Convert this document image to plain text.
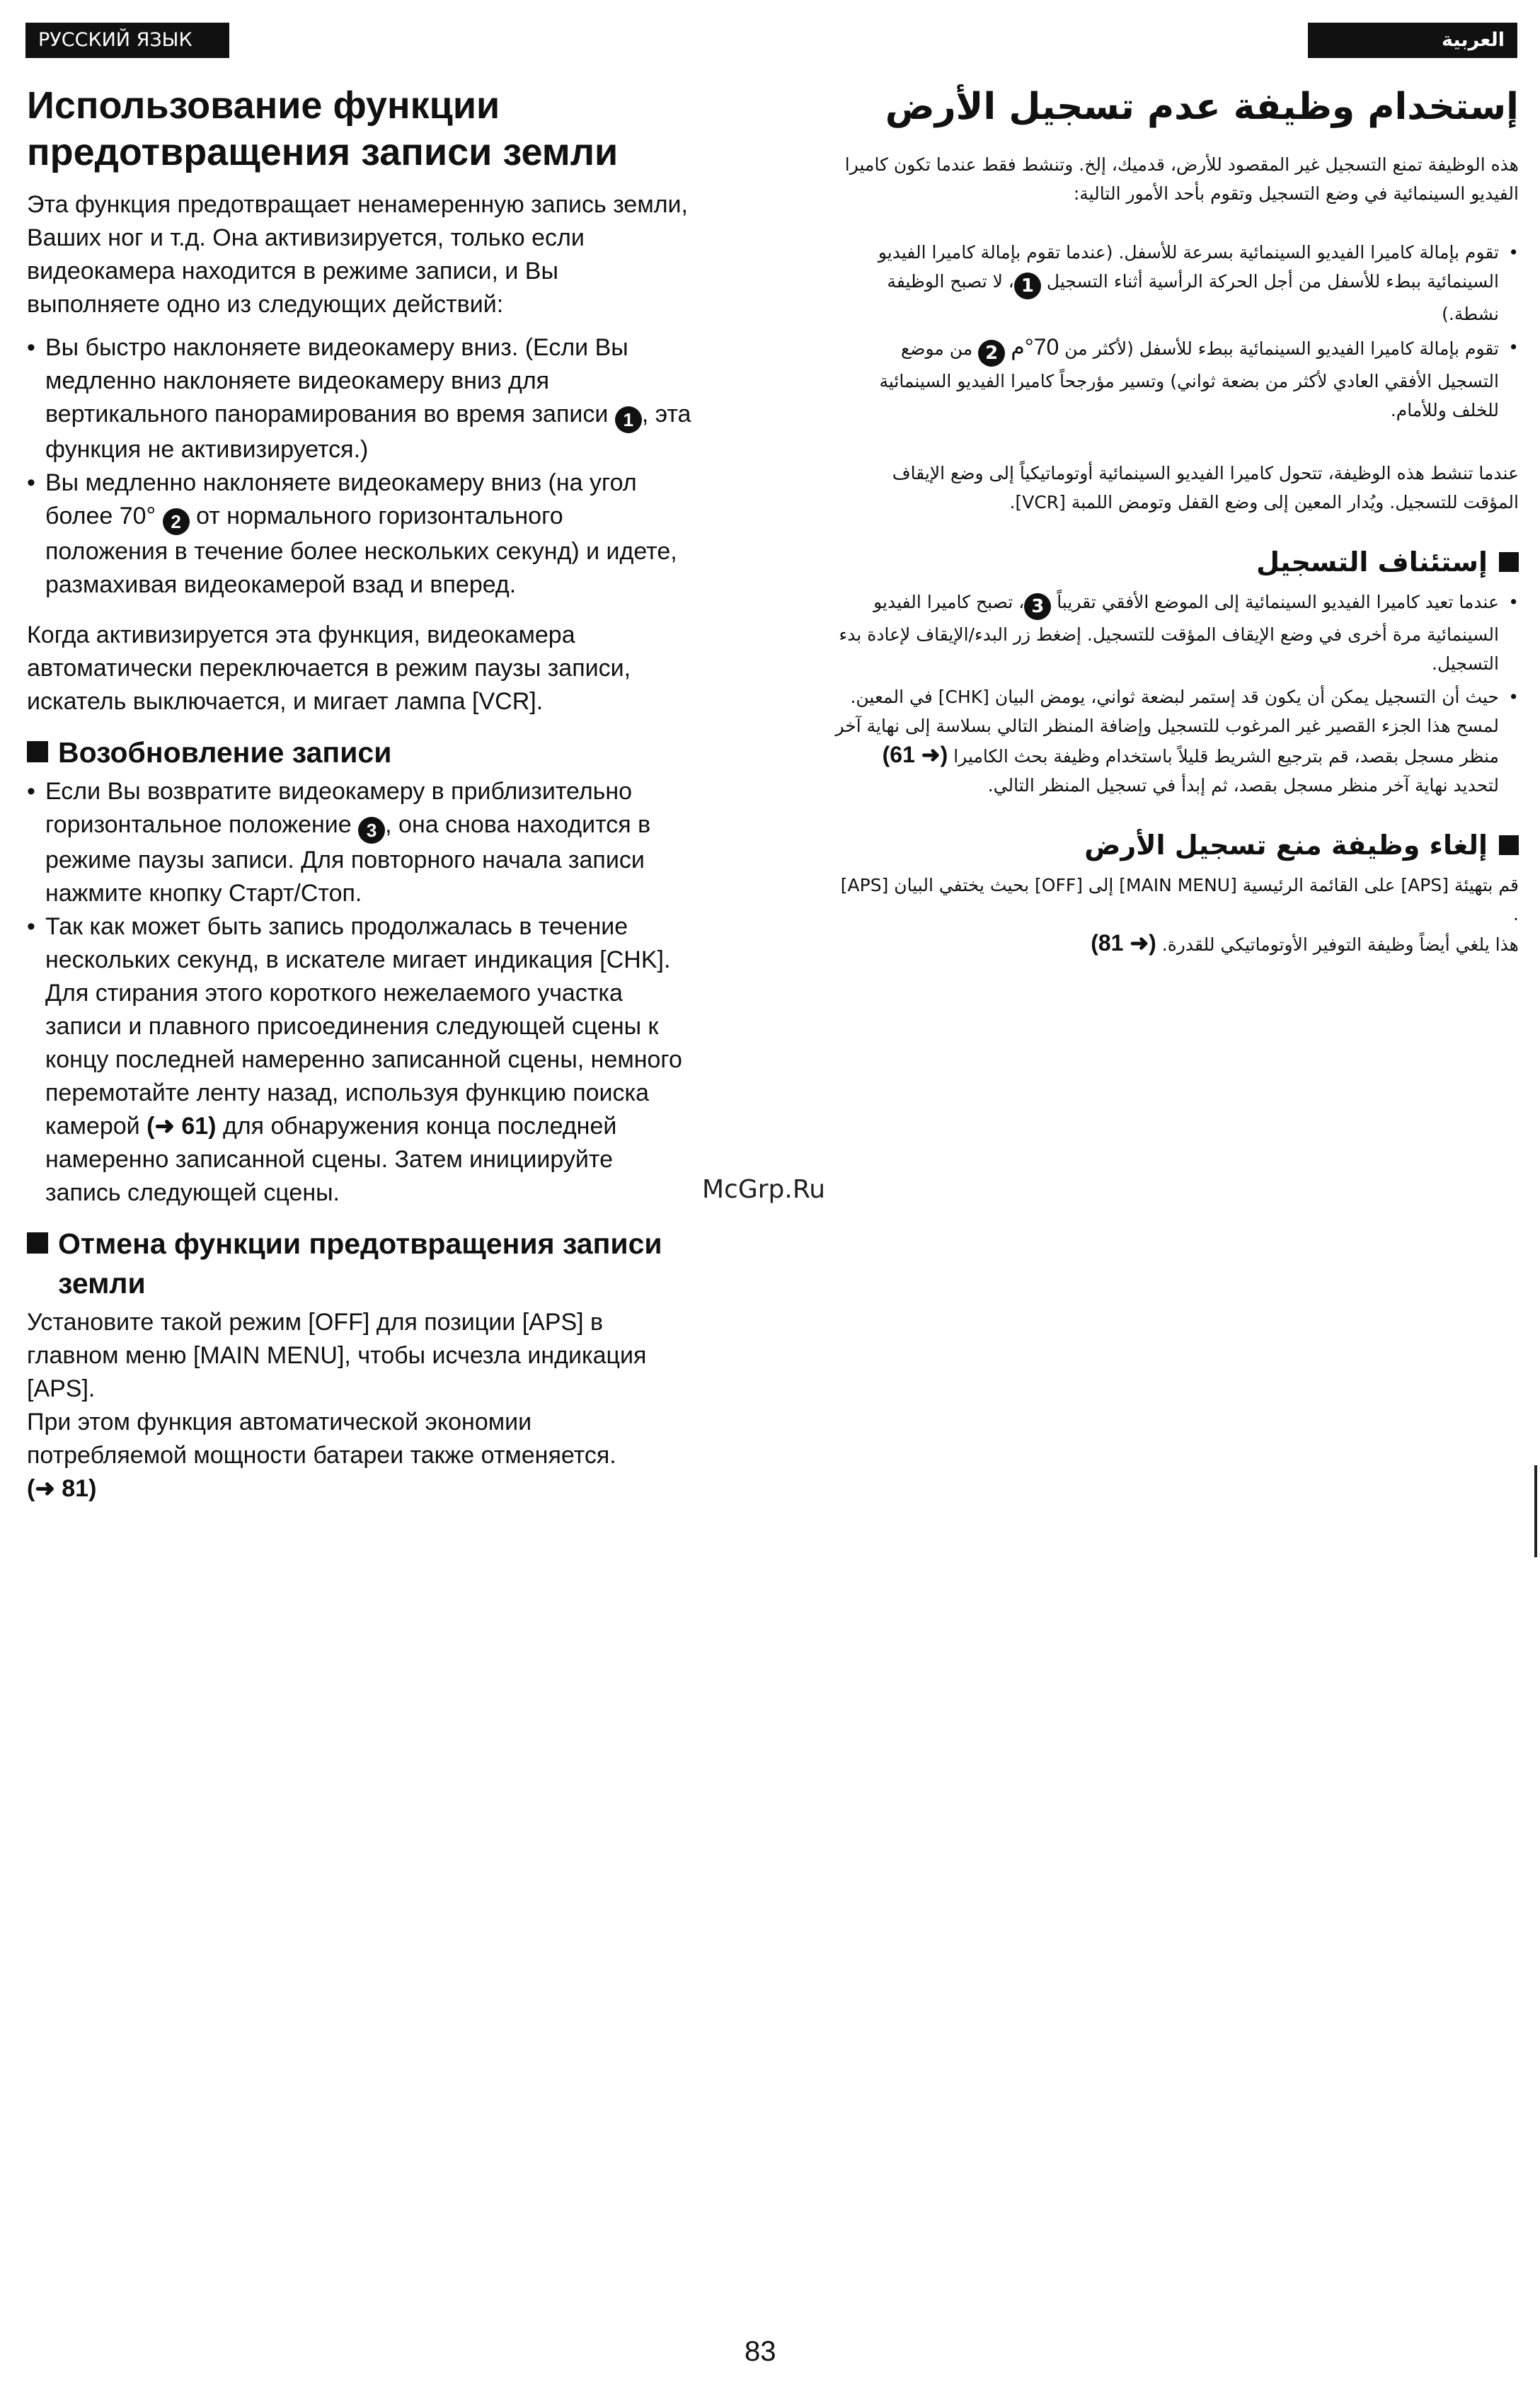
РУССКИЙ ЯЗЫК	العربية
Использование функции предотвращения записи земли

Эта функция предотвращает ненамеренную запись земли, Ваших ног и т.д. Она активизируется, только если видеокамера находится в режиме записи, и Вы выполняете одно из следующих действий:

• Вы быстро наклоняете видеокамеру вниз. (Если Вы медленно наклоняете видеокамеру вниз для вертикального панорамирования во время записи 1 , эта функция не активизируется.)
• Вы медленно наклоняете видеокамеру вниз (на угол более 70° 2 от нормального горизонтального положения в течение более нескольких секунд) и идете, размахивая видеокамерой взад и вперед.

Когда активизируется эта функция, видеокамера автоматически переключается в режим паузы записи, искатель выключается, и мигает лампа [VCR].

Возобновление записи
• Если Вы возвратите видеокамеру в приблизительно горизонтальное положение 3 , она снова находится в режиме паузы записи. Для повторного начала записи нажмите кнопку Старт/Стоп.
• Так как может быть запись продолжалась в течение нескольких секунд, в искателе мигает индикация [CHK].

Для стирания этого короткого нежелаемого участка записи и плавного присоединения следующей сцены к концу последней намеренно записанной сцены, немного перемотайте ленту назад, используя функцию поиска камерой (➜ 61) для обнаружения конца последней намеренно записанной сцены. Затем инициируйте запись следующей сцены.

Отмена функции предотвращения записи земли

Установите такой режим [OFF] для позиции [APS] в главном меню [MAIN MENU], чтобы исчезла индикация [APS].

При этом функция автоматической экономии потребляемой мощности батареи также отменяется.
(➜ 81)

إستخدام وظيفة عدم تسجيل الأرض

هذه الوظيفة تمنع التسجيل غير المقصود للأرض، قدميك، إلخ. وتنشط فقط عندما تكون كاميرا الفيديو السينمائية في وضع التسجيل وتقوم بأحد الأمور التالية:

•
تقوم بإمالة كاميرا الفيديو السينمائية بسرعة للأسفل. (عندما تقوم بإمالة كاميرا الفيديو السينمائية ببطء للأسفل من أجل الحركة الرأسية أثناء التسجيل 1، لا تصبح الوظيفة نشطة.)
•
تقوم بإمالة كاميرا الفيديو السينمائية ببطء للأسفل (لأكثر من 70°م 2 من موضع التسجيل الأفقي العادي لأكثر من بضعة ثواني) وتسير مؤرجحاً كاميرا الفيديو السينمائية للخلف وللأمام.

عندما تنشط هذه الوظيفة، تتحول كاميرا الفيديو السينمائية أوتوماتيكياً إلى وضع الإيقاف المؤقت للتسجيل. ويُدار المعين إلى وضع القفل وتومض اللمبة [VCR].

إستئناف التسجيل
•
عندما تعيد كاميرا الفيديو السينمائية إلى الموضع الأفقي تقريباً 3، تصبح كاميرا الفيديو السينمائية مرة أخرى في وضع الإيقاف المؤقت للتسجيل. إضغط زر البدء/الإيقاف لإعادة بدء التسجيل.
•
حيث أن التسجيل يمكن أن يكون قد إستمر لبضعة ثواني، يومض البيان [CHK] في المعين. لمسح هذا الجزء القصير غير المرغوب للتسجيل وإضافة المنظر التالي بسلاسة إلى نهاية آخر منظر مسجل بقصد، قم بترجيع الشريط قليلاً باستخدام وظيفة بحث الكاميرا (➜ 61) لتحديد نهاية آخر منظر مسجل بقصد، ثم إبدأ في تسجيل المنظر التالي.
إلغاء وظيفة منع تسجيل الأرض

قم بتهيئة [APS] على القائمة الرئيسية [MAIN MENU] إلى [OFF] بحيث يختفي البيان [APS] .

هذا يلغي أيضاً وظيفة التوفير الأوتوماتيكي للقدرة. (➜ 81)

McGrp.Ru
83
